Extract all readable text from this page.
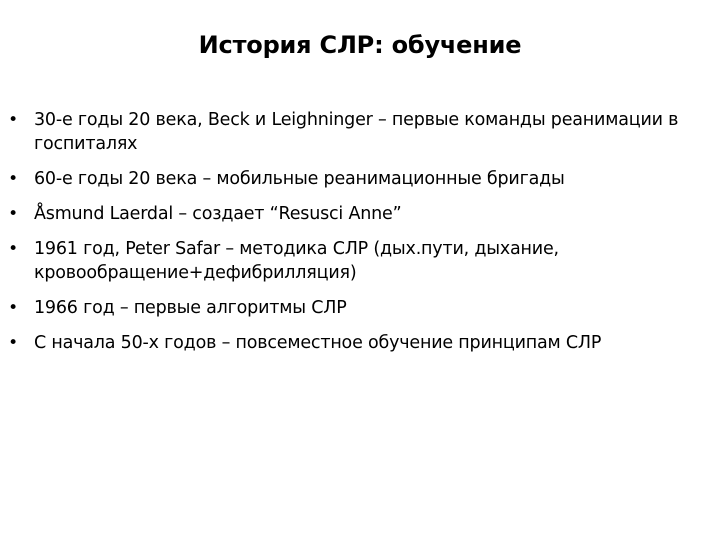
История СЛР: обучение
• 30-е годы 20 века, Beck и Leighninger – первые команды реанимации в госпиталях
• 60-е годы 20 века – мобильные реанимационные бригады
• Åsmund Laerdal – создает “Resusci Anne”
• 1961 год, Peter Safar – методика СЛР (дых.пути, дыхание, кровообращение+дефибрилляция)
• 1966 год – первые алгоритмы СЛР
• С начала 50-х годов – повсеместное обучение принципам СЛР
